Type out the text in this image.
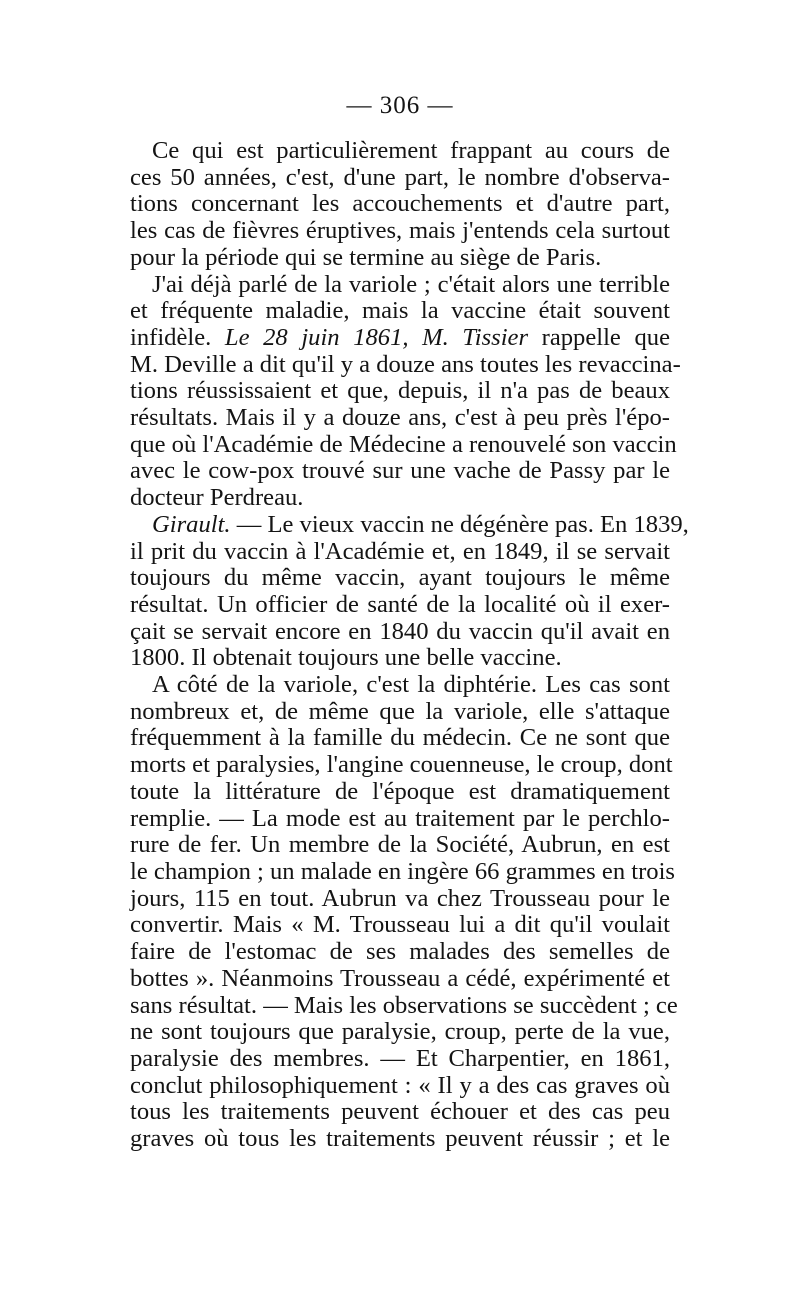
— 306 —
Ce qui est particulièrement frappant au cours de
ces 50 années, c'est, d'une part, le nombre d'observa-
tions concernant les accouchements et d'autre part,
les cas de fièvres éruptives, mais j'entends cela surtout
pour la période qui se termine au siège de Paris.
J'ai déjà parlé de la variole ; c'était alors une terrible
et fréquente maladie, mais la vaccine était souvent
infidèle. Le 28 juin 1861, M. Tissier rappelle que
M. Deville a dit qu'il y a douze ans toutes les revaccina-
tions réussissaient et que, depuis, il n'a pas de beaux
résultats. Mais il y a douze ans, c'est à peu près l'épo-
que où l'Académie de Médecine a renouvelé son vaccin
avec le cow-pox trouvé sur une vache de Passy par le
docteur Perdreau.
Girault. — Le vieux vaccin ne dégénère pas. En 1839,
il prit du vaccin à l'Académie et, en 1849, il se servait
toujours du même vaccin, ayant toujours le même
résultat. Un officier de santé de la localité où il exer-
çait se servait encore en 1840 du vaccin qu'il avait en
1800. Il obtenait toujours une belle vaccine.
A côté de la variole, c'est la diphtérie. Les cas sont
nombreux et, de même que la variole, elle s'attaque
fréquemment à la famille du médecin. Ce ne sont que
morts et paralysies, l'angine couenneuse, le croup, dont
toute la littérature de l'époque est dramatiquement
remplie. — La mode est au traitement par le perchlo-
rure de fer. Un membre de la Société, Aubrun, en est
le champion ; un malade en ingère 66 grammes en trois
jours, 115 en tout. Aubrun va chez Trousseau pour le
convertir. Mais « M. Trousseau lui a dit qu'il voulait
faire de l'estomac de ses malades des semelles de
bottes ». Néanmoins Trousseau a cédé, expérimenté et
sans résultat. — Mais les observations se succèdent ; ce
ne sont toujours que paralysie, croup, perte de la vue,
paralysie des membres. — Et Charpentier, en 1861,
conclut philosophiquement : « Il y a des cas graves où
tous les traitements peuvent échouer et des cas peu
graves où tous les traitements peuvent réussir ; et le
